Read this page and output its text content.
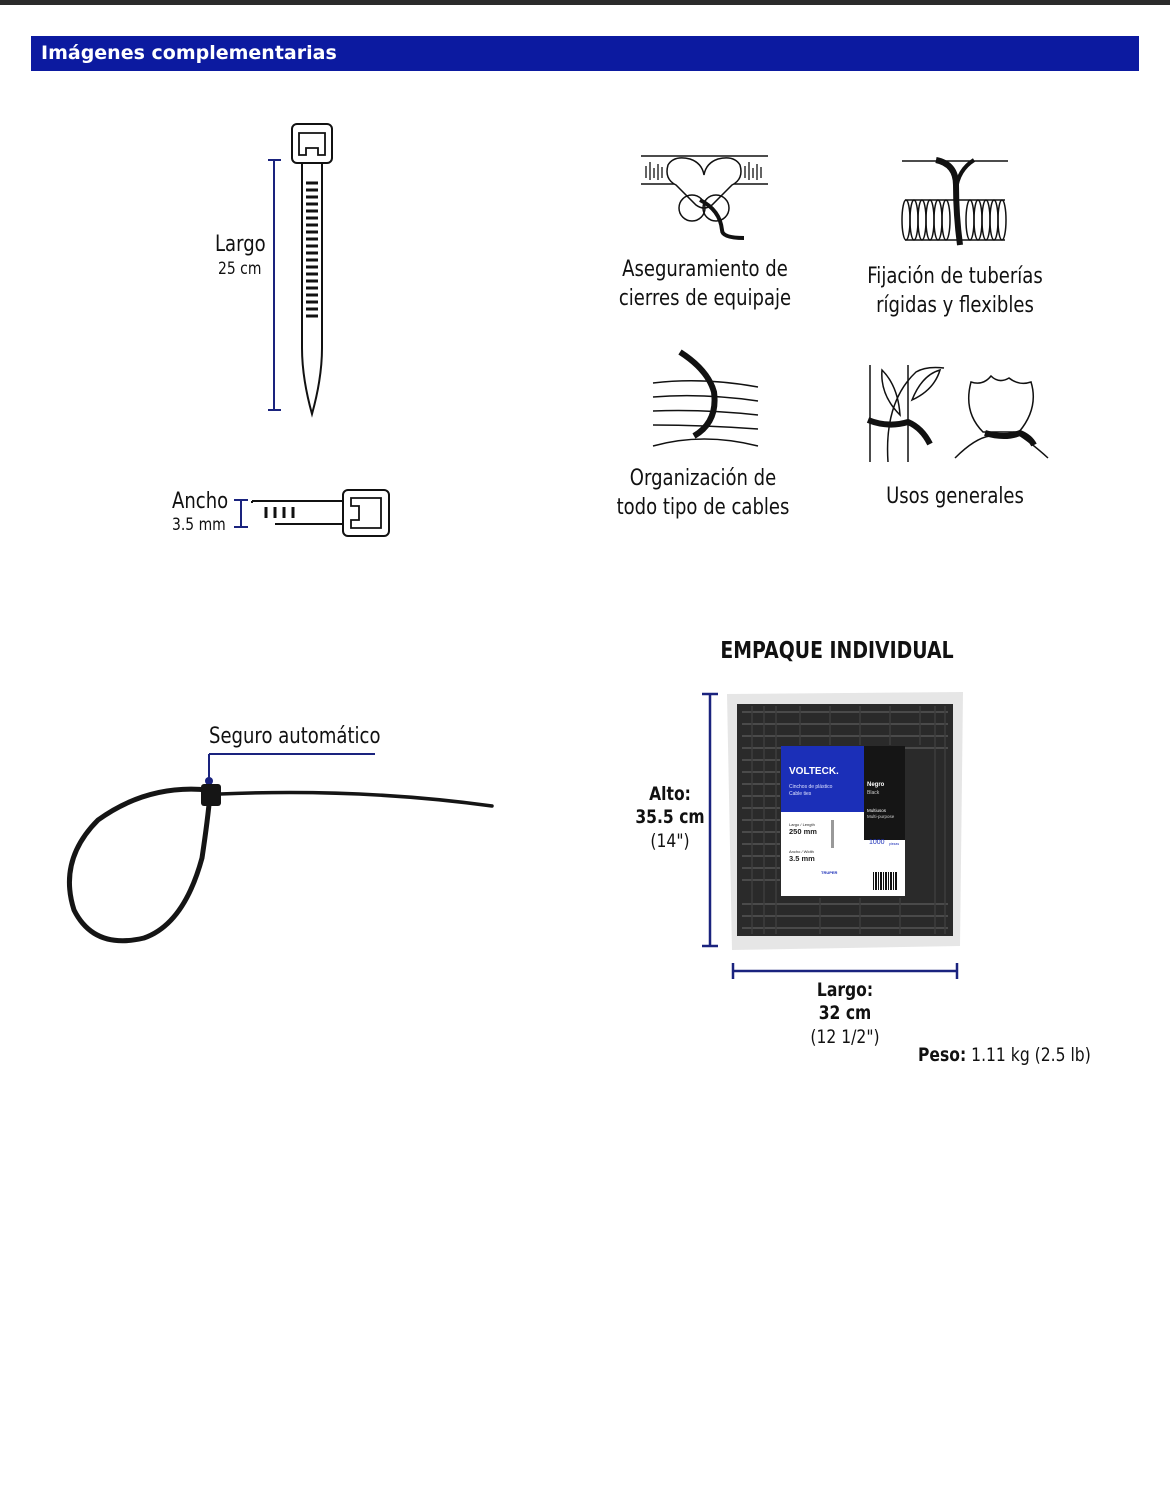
Imágenes complementarias
Largo
25 cm
Ancho
3.5 mm
Aseguramiento de
cierres de equipaje
Fijación de tuberías
rígidas y flexibles
Organización de
todo tipo de cables	Usos generales
Seguro automático
EMPAQUE INDIVIDUAL
VOLTECK.
Cinchos de plástico
Cable ties
Negro
Black
Multiusos
Multi-purpose
Largo / Length
250 mm
Ancho / Width
3.5 mm
1000 piezas
TRUPER
Alto:
35.5 cm
(14")
Largo:
32 cm
(12 1/2")
Peso: 1.11 kg (2.5 lb)
